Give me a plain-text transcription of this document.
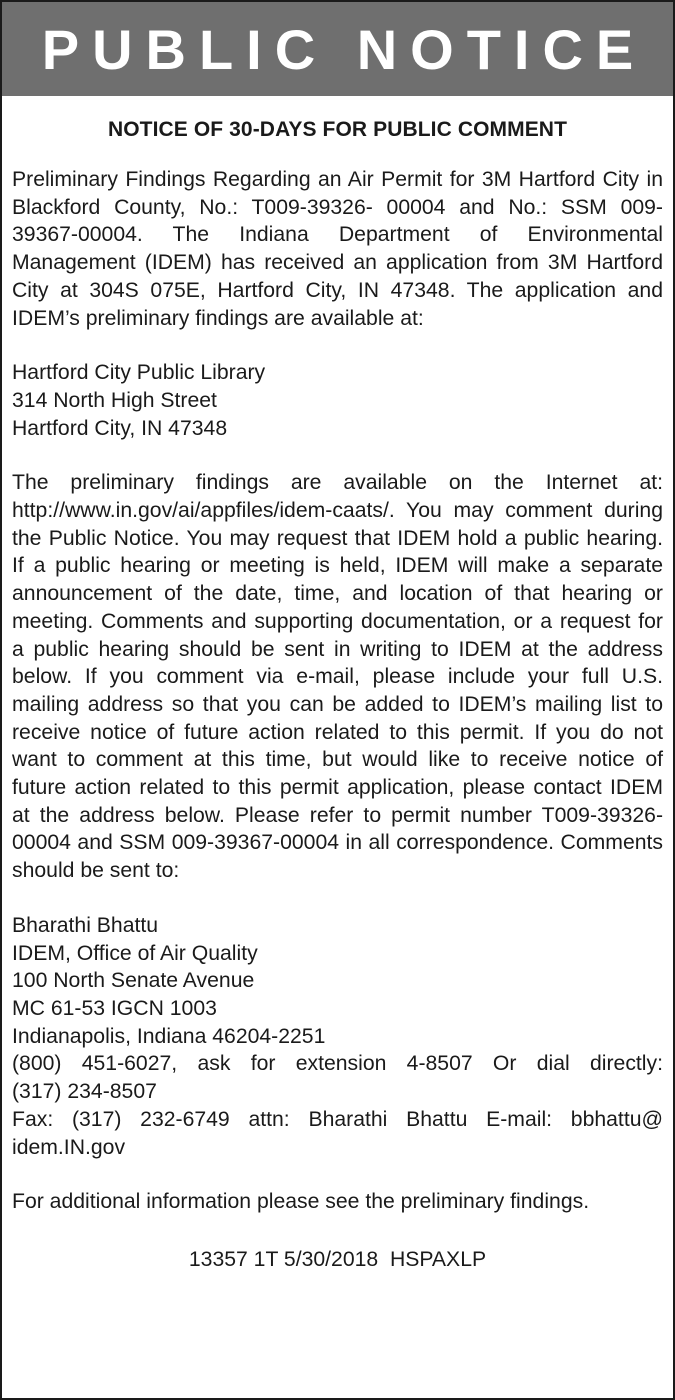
PUBLIC NOTICE
NOTICE OF 30-DAYS FOR PUBLIC COMMENT

Preliminary Findings Regarding an Air Permit for 3M Hartford City in Blackford County, No.: T009-39326- 00004 and No.: SSM 009-39367-00004. The Indiana Department of Environmental Management (IDEM) has received an application from 3M Hartford City at 304S 075E, Hartford City, IN 47348. The application and IDEM’s preliminary findings are available at:

Hartford City Public Library
314 North High Street
Hartford City, IN 47348

The preliminary findings are available on the Internet at: http://www.in.gov/ai/appfiles/idem-caats/. You may comment during the Public Notice. You may request that IDEM hold a public hearing. If a public hearing or meeting is held, IDEM will make a separate announcement of the date, time, and location of that hearing or meeting. Comments and supporting documentation, or a request for a public hearing should be sent in writing to IDEM at the address below. If you comment via e-mail, please include your full U.S. mailing address so that you can be added to IDEM’s mailing list to receive notice of future action related to this permit. If you do not want to comment at this time, but would like to receive notice of future action related to this permit application, please contact IDEM at the address below. Please refer to permit number T009-39326-00004 and SSM 009-39367-00004 in all correspondence. Comments should be sent to:

Bharathi Bhattu
IDEM, Office of Air Quality
100 North Senate Avenue
MC 61-53 IGCN 1003
Indianapolis, Indiana 46204-2251
(800) 451-6027, ask for extension 4-8507 Or dial directly:
(317) 234-8507
Fax: (317) 232-6749 attn: Bharathi Bhattu E-mail: bbhattu@
idem.IN.gov

For additional information please see the preliminary findings.

13357 1T 5/30/2018  HSPAXLP
